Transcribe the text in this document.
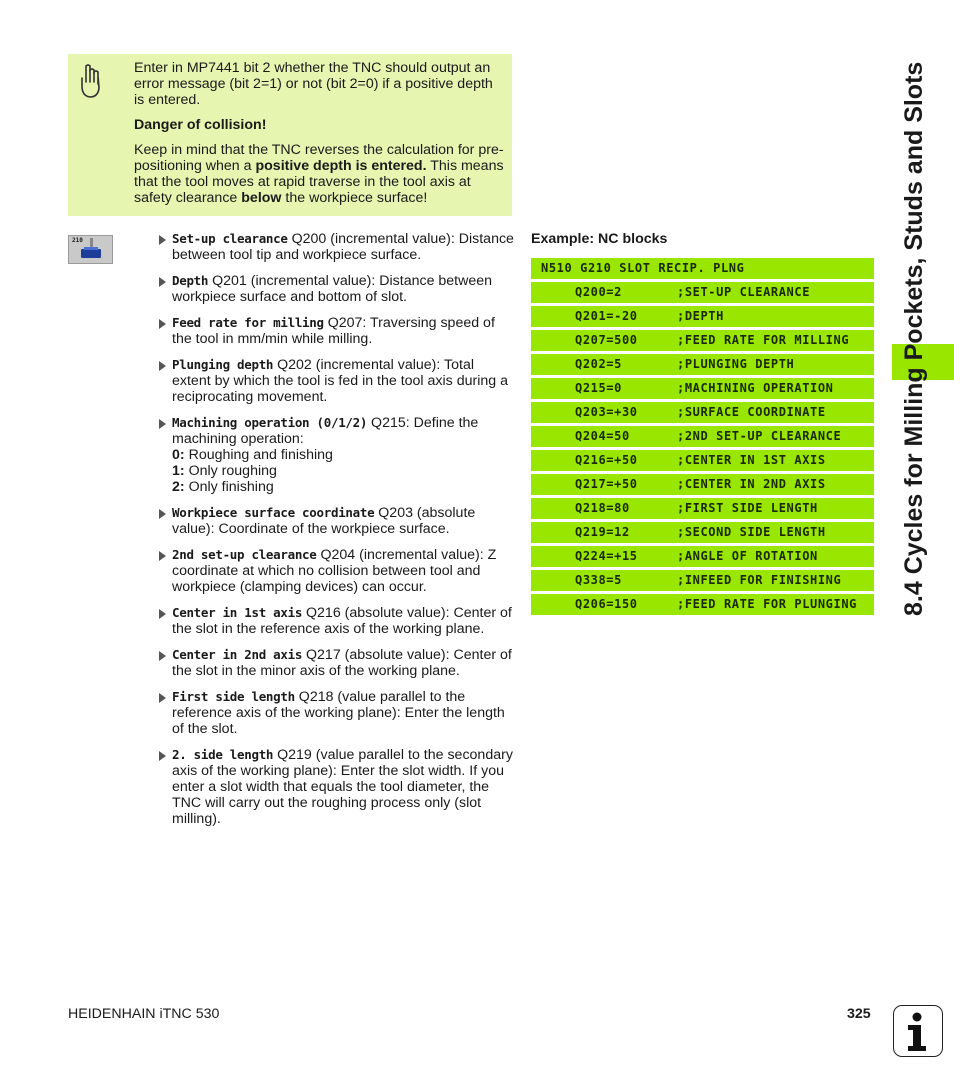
Enter in MP7441 bit 2 whether the TNC should output an error message (bit 2=1) or not (bit 2=0) if a positive depth is entered.

Danger of collision!

Keep in mind that the TNC reverses the calculation for pre-positioning when a positive depth is entered. This means that the tool moves at rapid traverse in the tool axis at safety clearance below the workpiece surface!

210	Set-up clearance Q200 (incremental value): Distance between tool tip and workpiece surface.
Depth Q201 (incremental value): Distance between workpiece surface and bottom of slot.
Feed rate for milling Q207: Traversing speed of the tool in mm/min while milling.
Plunging depth Q202 (incremental value): Total extent by which the tool is fed in the tool axis during a reciprocating movement.
Machining operation (0/1/2) Q215: Define the machining operation:
0: Roughing and finishing
1: Only roughing
2: Only finishing
Workpiece surface coordinate Q203 (absolute value): Coordinate of the workpiece surface.
2nd set-up clearance Q204 (incremental value): Z coordinate at which no collision between tool and workpiece (clamping devices) can occur.
Center in 1st axis Q216 (absolute value): Center of the slot in the reference axis of the working plane.
Center in 2nd axis Q217 (absolute value): Center of the slot in the minor axis of the working plane.
First side length Q218 (value parallel to the reference axis of the working plane): Enter the length of the slot.
2. side length Q219 (value parallel to the secondary axis of the working plane): Enter the slot width. If you enter a slot width that equals the tool diameter, the TNC will carry out the roughing process only (slot milling).
Example: NC blocks
N510 G210 SLOT RECIP. PLNG
Q200=2	;SET-UP CLEARANCE
Q201=-20	;DEPTH
Q207=500	;FEED RATE FOR MILLING
Q202=5	;PLUNGING DEPTH
Q215=0	;MACHINING OPERATION
Q203=+30	;SURFACE COORDINATE
Q204=50	;2ND SET-UP CLEARANCE
Q216=+50	;CENTER IN 1ST AXIS
Q217=+50	;CENTER IN 2ND AXIS
Q218=80	;FIRST SIDE LENGTH
Q219=12	;SECOND SIDE LENGTH
Q224=+15	;ANGLE OF ROTATION
Q338=5	;INFEED FOR FINISHING
Q206=150	;FEED RATE FOR PLUNGING 8.4 Cycles for Milling Pockets, Studs and Slots
HEIDENHAIN iTNC 530	325
